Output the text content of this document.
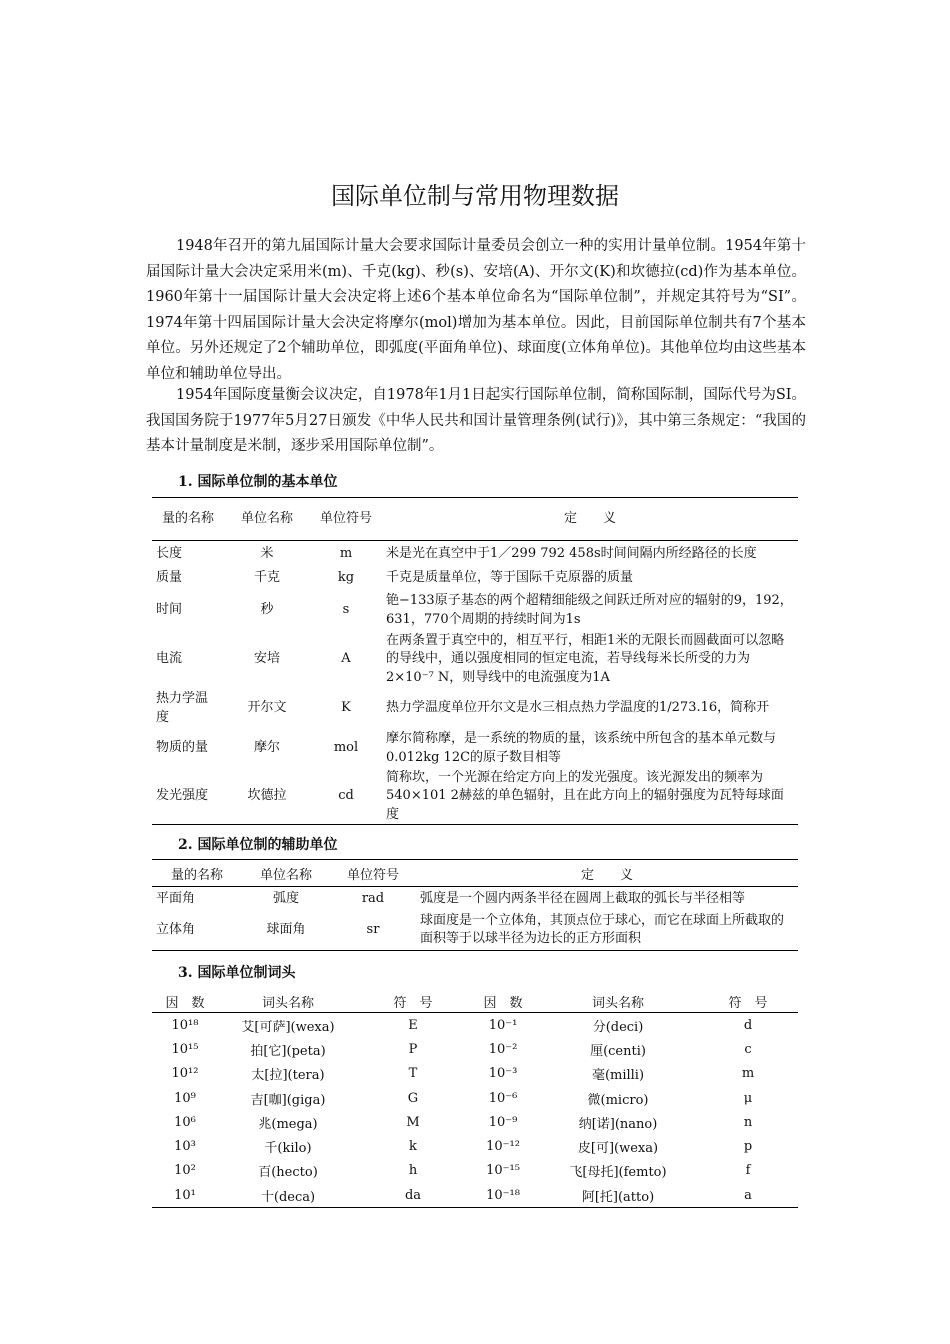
国际单位制与常用物理数据

1948年召开的第九届国际计量大会要求国际计量委员会创立一种的实用计量单位制。1954年第十届国际计量大会决定采用米(m)、千克(kg)、秒(s)、安培(A)、开尔文(K)和坎德拉(cd)作为基本单位。1960年第十一届国际计量大会决定将上述6个基本单位命名为“国际单位制”，并规定其符号为“SI”。1974年第十四届国际计量大会决定将摩尔(mol)增加为基本单位。因此，目前国际单位制共有7个基本单位。另外还规定了2个辅助单位，即弧度(平面角单位)、球面度(立体角单位)。其他单位均由这些基本单位和辅助单位导出。

1954年国际度量衡会议决定，自1978年1月1日起实行国际单位制，简称国际制，国际代号为SI。我国国务院于1977年5月27日颁发《中华人民共和国计量管理条例(试行)》，其中第三条规定：“我国的基本计量制度是米制，逐步采用国际单位制”。

1. 国际单位制的基本单位
量的名称	单位名称	单位符号	定　　义
长度	米	m	米是光在真空中于1／299 792 458s时间间隔内所经路径的长度
质量	千克	kg	千克是质量单位，等于国际千克原器的质量
时间	秒	s	铯−133原子基态的两个超精细能级之间跃迁所对应的辐射的9，192，631，770个周期的持续时间为1s
电流	安培	A	在两条置于真空中的，相互平行，相距1米的无限长而圆截面可以忽略的导线中，通以强度相同的恒定电流，若导线每米长所受的力为2×10⁻⁷ N，则导线中的电流强度为1A
热力学温度	开尔文	K	热力学温度单位开尔文是水三相点热力学温度的1/273.16，简称开
物质的量	摩尔	mol	摩尔简称摩，是一系统的物质的量，该系统中所包含的基本单元数与0.012kg 12C的原子数目相等
发光强度	坎德拉	cd	简称坎，一个光源在给定方向上的发光强度。该光源发出的频率为540×101 2赫兹的单色辐射，且在此方向上的辐射强度为瓦特每球面度
2. 国际单位制的辅助单位
量的名称	单位名称	单位符号	定　　义
平面角	弧度	rad	弧度是一个圆内两条半径在圆周上截取的弧长与半径相等
立体角	球面角	sr	球面度是一个立体角，其顶点位于球心，而它在球面上所截取的面积等于以球半径为边长的正方形面积
3. 国际单位制词头
因　数	词头名称	符　号	因　数	词头名称	符　号
10¹⁸	艾[可萨](wexa)	E	10⁻¹	分(deci)	d
10¹⁵	拍[它](peta)	P	10⁻²	厘(centi)	c
10¹²	太[拉](tera)	T	10⁻³	毫(milli)	m
10⁹	吉[咖](giga)	G	10⁻⁶	微(micro)	μ
10⁶	兆(mega)	M	10⁻⁹	纳[诺](nano)	n
10³	千(kilo)	k	10⁻¹²	皮[可](wexa)	p
10²	百(hecto)	h	10⁻¹⁵	飞[母托](femto)	f
10¹	十(deca)	da	10⁻¹⁸	阿[托](atto)	a
